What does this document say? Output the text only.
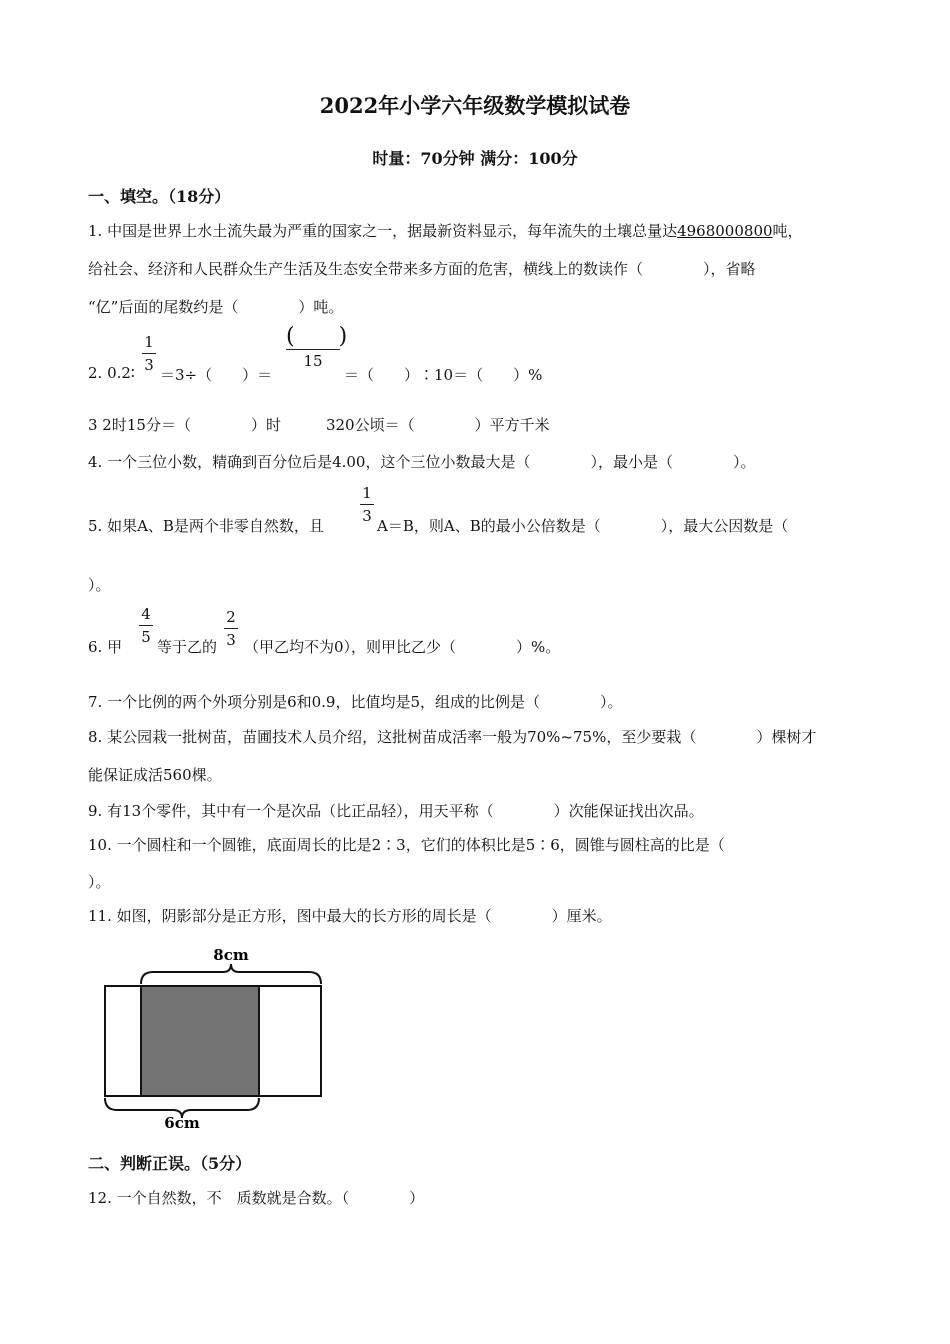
2022年小学六年级数学模拟试卷
时量：70分钟 满分：100分
一、填空。（18分）
1. 中国是世界上水土流失最为严重的国家之一，据最新资料显示，每年流失的土壤总量达4968000800吨，
给社会、经济和人民群众生产生活及生态安全带来多方面的危害，横线上的数读作（　　　　），省略
“亿”后面的尾数约是（　　　　）吨。
2. 0.2∶
1
3
＝3÷（　　）＝
(　　)
15
＝（　　）∶10＝（　　）%
3 2时15分＝（　　　　）时　　　320公顷＝（　　　　）平方千米
4. 一个三位小数，精确到百分位后是4.00，这个三位小数最大是（　　　　），最小是（　　　　）。
5. 如果A、B是两个非零自然数，且
1
3
A＝B，则A、B的最小公倍数是（　　　　），最大公因数是（
）。
6. 甲
4
5
等于乙的
2
3 （甲乙均不为0），则甲比乙少（　　　　）%。
7. 一个比例的两个外项分别是6和0.9，比值均是5，组成的比例是（　　　　）。
8. 某公园栽一批树苗，苗圃技术人员介绍，这批树苗成活率一般为70%~75%，至少要栽（　　　　）棵树才
能保证成活560棵。
9. 有13个零件，其中有一个是次品（比正品轻），用天平称（　　　　）次能保证找出次品。
10. 一个圆柱和一个圆锥，底面周长的比是2∶3，它们的体积比是5∶6，圆锥与圆柱高的比是（
）。
11. 如图，阴影部分是正方形，图中最大的长方形的周长是（　　　　）厘米。
8cm
6cm
二、判断正误。（5分）
12. 一个自然数，不　质数就是合数。（　　　　）
